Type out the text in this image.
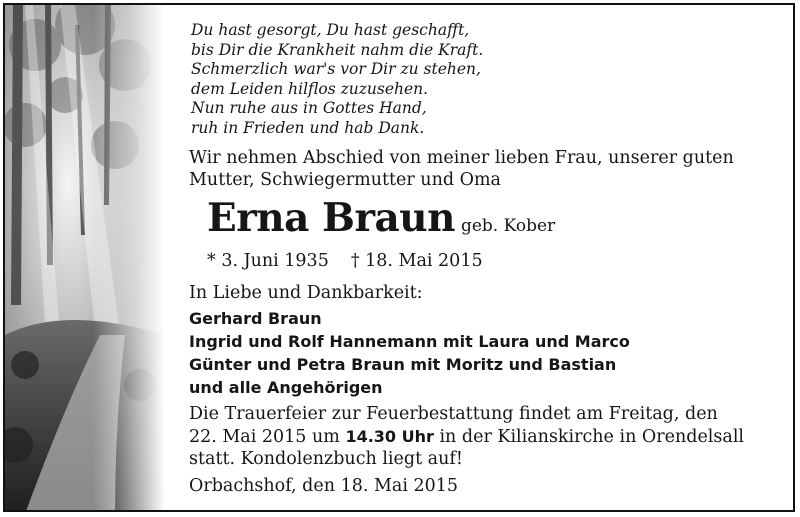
Du hast gesorgt, Du hast geschafft,
bis Dir die Krankheit nahm die Kraft.
Schmerzlich war's vor Dir zu stehen,
dem Leiden hilflos zuzusehen.
Nun ruhe aus in Gottes Hand,
ruh in Frieden und hab Dank.
Wir nehmen Abschied von meiner lieben Frau, unserer guten
Mutter, Schwiegermutter und Oma
Erna Braun geb. Kober
* 3. Juni 1935 † 18. Mai 2015
In Liebe und Dankbarkeit:
Gerhard Braun
Ingrid und Rolf Hannemann mit Laura und Marco
Günter und Petra Braun mit Moritz und Bastian
und alle Angehörigen
Die Trauerfeier zur Feuerbestattung findet am Freitag, den
22. Mai 2015 um 14.30 Uhr in der Kilianskirche in Orendelsall
statt. Kondolenzbuch liegt auf!
Orbachshof, den 18. Mai 2015
